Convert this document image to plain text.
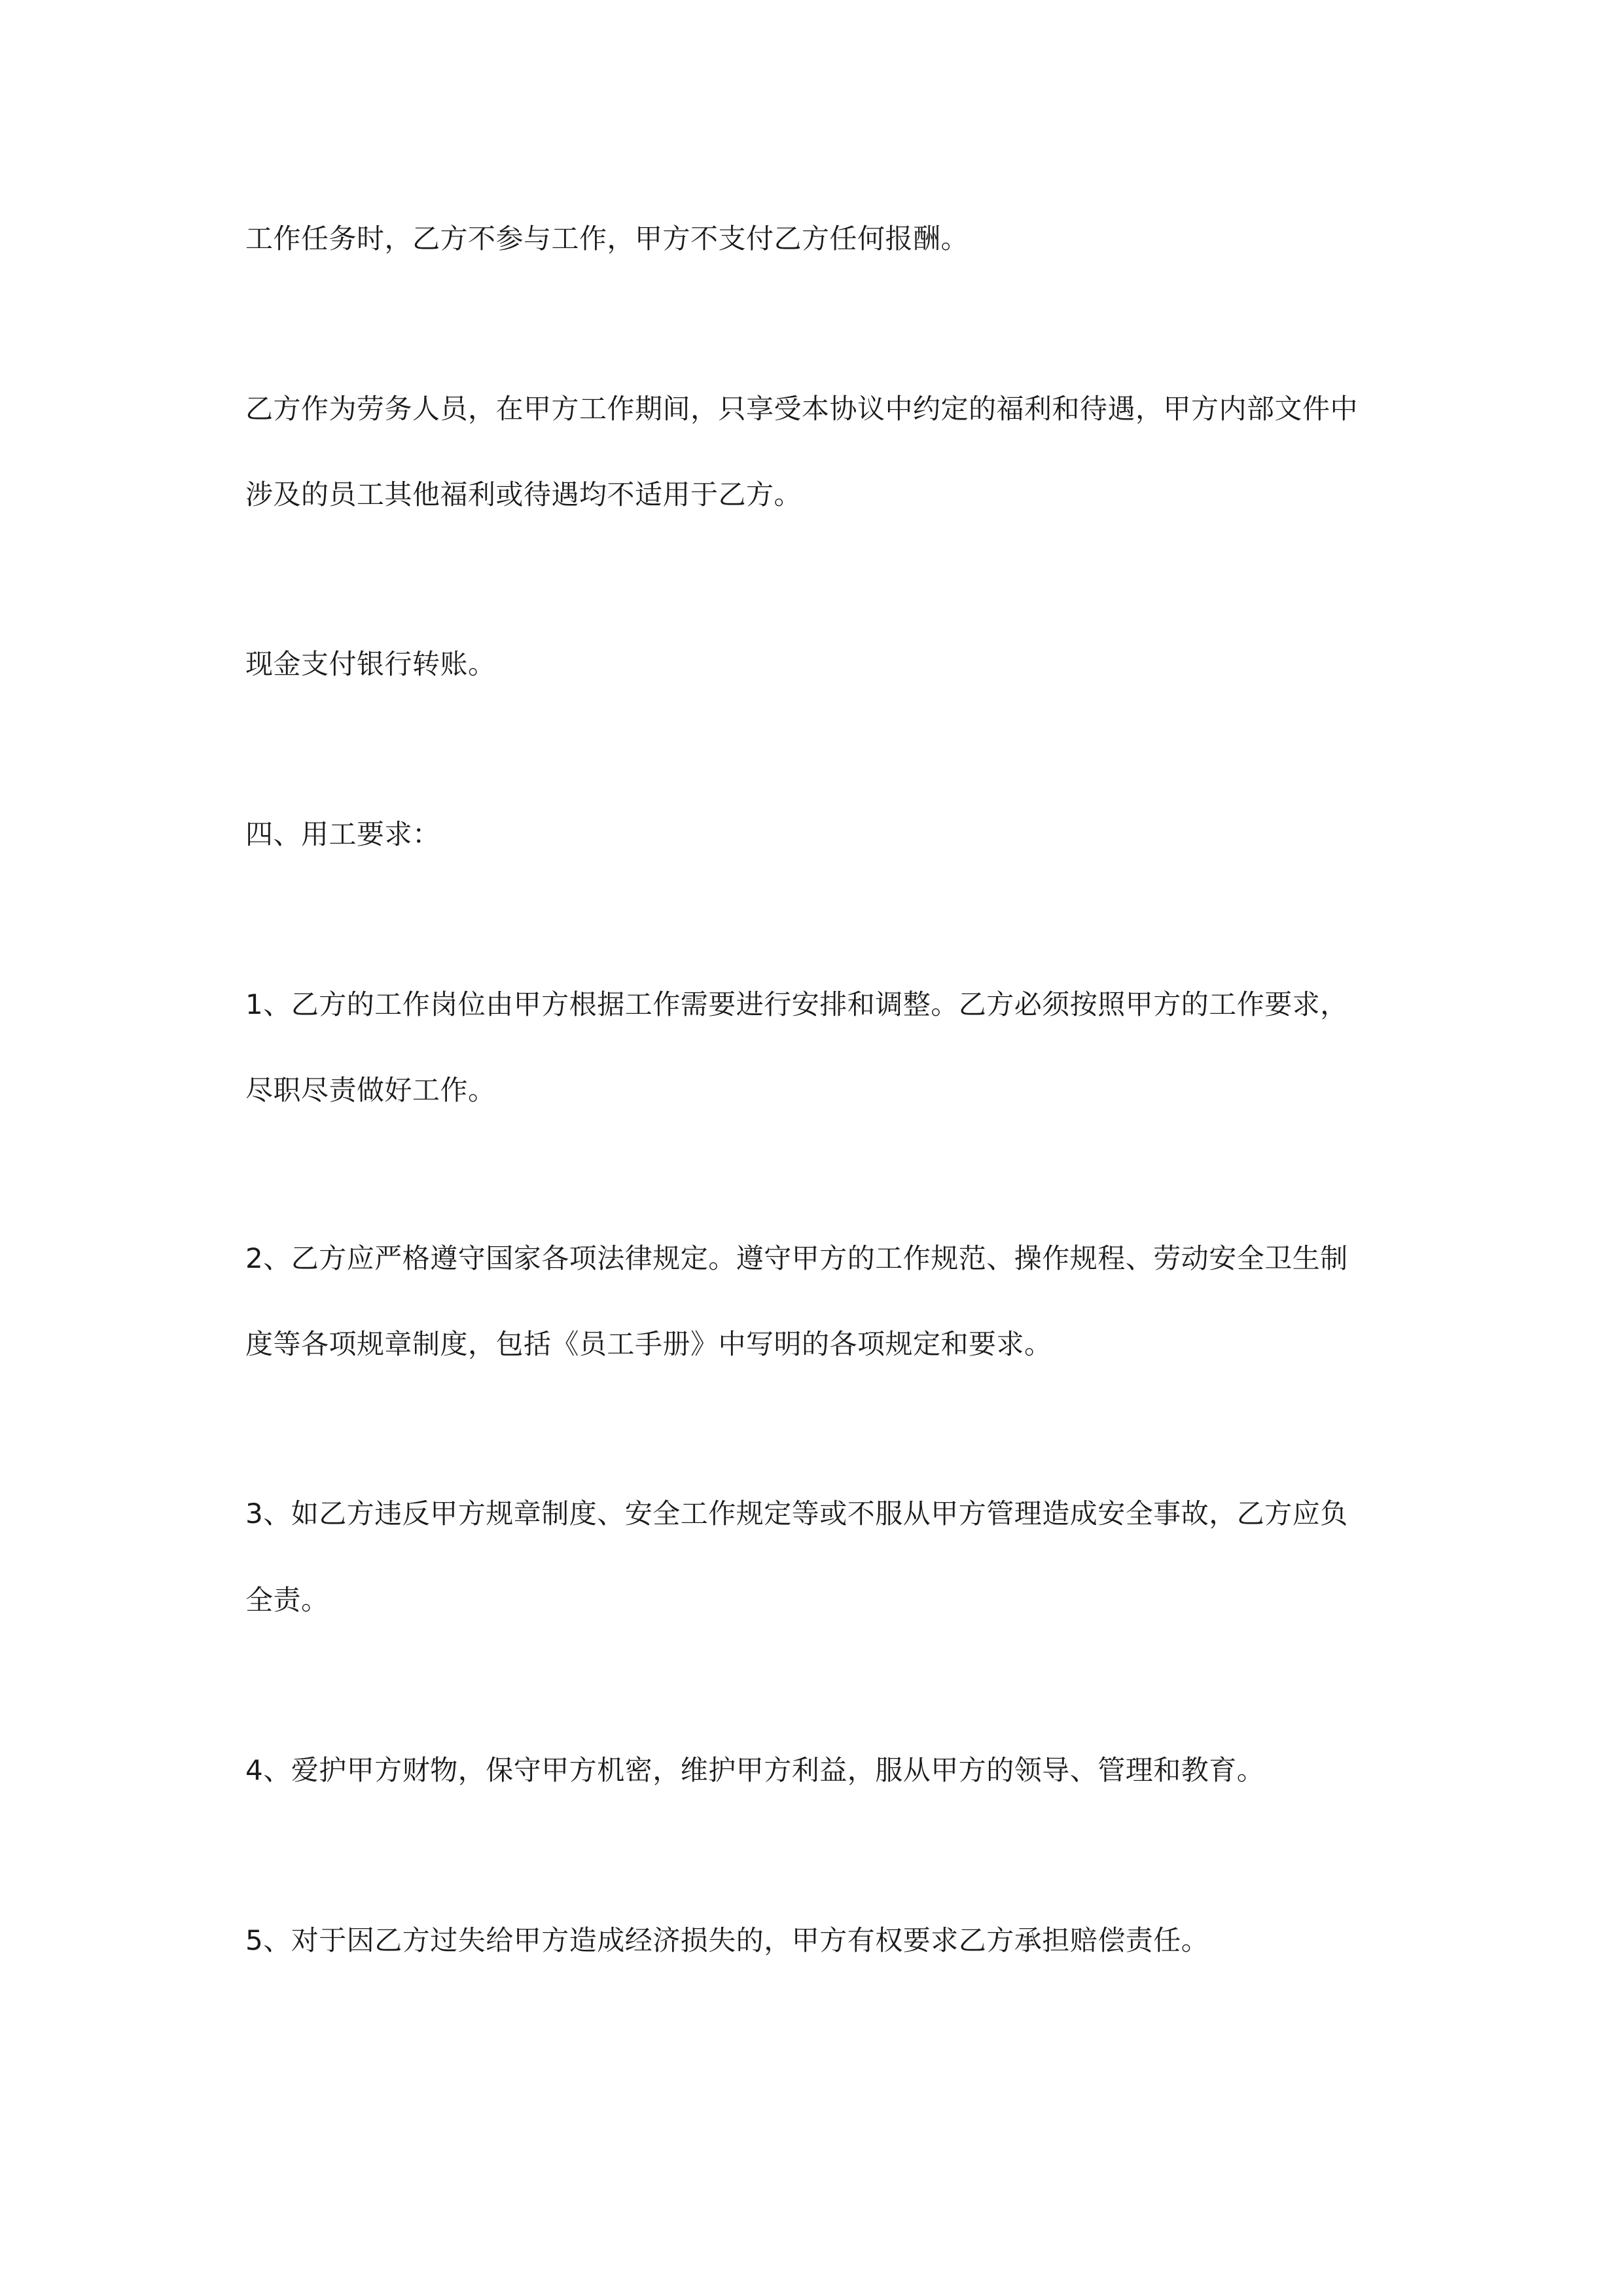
工作任务时，乙方不参与工作，甲方不支付乙方任何报酬。
乙方作为劳务人员，在甲方工作期间，只享受本协议中约定的福利和待遇，甲方内部文件中
涉及的员工其他福利或待遇均不适用于乙方。
现金支付银行转账。
四、用工要求：
1、乙方的工作岗位由甲方根据工作需要进行安排和调整。乙方必须按照甲方的工作要求，
尽职尽责做好工作。
2、乙方应严格遵守国家各项法律规定。遵守甲方的工作规范、操作规程、劳动安全卫生制
度等各项规章制度，包括《员工手册》中写明的各项规定和要求。
3、如乙方违反甲方规章制度、安全工作规定等或不服从甲方管理造成安全事故，乙方应负
全责。
4、爱护甲方财物，保守甲方机密，维护甲方利益，服从甲方的领导、管理和教育。
5、对于因乙方过失给甲方造成经济损失的，甲方有权要求乙方承担赔偿责任。
